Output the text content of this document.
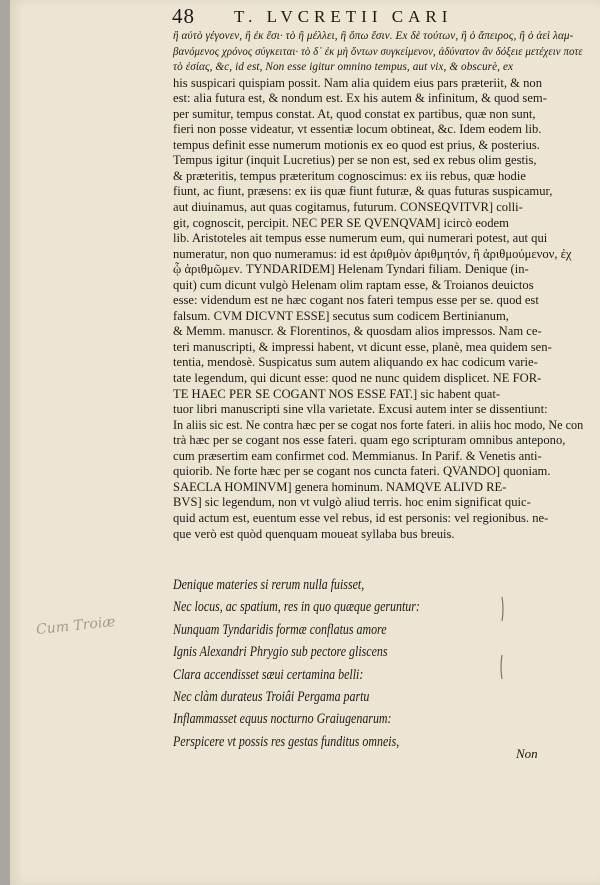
48 T. LVCRETII CARI
ἢ αὐτὸ γέγονεν, ἢ ἐκ ἔσι· τὸ ἢ μέλλει, ἢ ὄπω ἔσιν. Ex δὲ τούτων, ἢ ὁ ἄπειρος, ἢ ὁ ἀεὶ λαμ-
βανόμενος χρόνος σύγκειται· τὸ δ᾽ ἐκ μὴ ὄντων συγκείμενον, ἀδύνατον ἂν δόξειε μετέχειν ποτε
τὸ ἐσίας, &c, id est, Non esse igitur omnino tempus, aut vix, & obscurè, ex
his suspicari quispiam possit. Nam alia quidem eius pars præteriit, & non
est: alia futura est, & nondum est. Ex his autem & infinitum, & quod sem-
per sumitur, tempus constat. At, quod constat ex partibus, quæ non sunt,
fieri non posse videatur, vt essentiæ locum obtineat, &c. Idem eodem lib.
tempus definit esse numerum motionis ex eo quod est prius, & posterius.
Tempus igitur (inquit Lucretius) per se non est, sed ex rebus olim gestis,
& præteritis, tempus præteritum cognoscimus: ex iis rebus, quæ hodie
fiunt, ac fiunt, præsens: ex iis quæ fiunt futuræ, & quas futuras suspicamur,
aut diuinamus, aut quas cogitamus, futurum. CONSEQVITVR] colli-
git, cognoscit, percipit. NEC PER SE QVENQVAM] icircò eodem
lib. Aristoteles ait tempus esse numerum eum, qui numerari potest, aut qui
numeratur, non quo numeramus: id est ἀριθμὸν ἀριθμητόν, ἢ ἀριθμούμενον, ἐχ
ᾧ ἀριθμῶμεν. TYNDARIDEM] Helenam Tyndari filiam. Denique (in-
quit) cum dicunt vulgò Helenam olim raptam esse, & Troianos deuictos
esse: videndum est ne hæc cogant nos fateri tempus esse per se. quod est
falsum. CVM DICVNT ESSE] secutus sum codicem Bertinianum,
& Memm. manuscr. & Florentinos, & quosdam alios impressos. Nam ce-
teri manuscripti, & impressi habent, vt dicunt esse, planè, mea quidem sen-
tentia, mendosè. Suspicatus sum autem aliquando ex hac codicum varie-
tate legendum, qui dicunt esse: quod ne nunc quidem displicet. NE FOR-
TE HAEC PER SE COGANT NOS ESSE FAT.] sic habent quat-
tuor libri manuscripti sine vlla varietate. Excusi autem inter se dissentiunt:
In aliis sic est. Ne contra hæc per se cogat nos forte fateri. in aliis hoc modo, Ne con
trà hæc per se cogant nos esse fateri. quam ego scripturam omnibus antepono,
cum præsertim eam confirmet cod. Memmianus. In Parif. & Venetis anti-
quiorib. Ne forte hæc per se cogant nos cuncta fateri. QVANDO] quoniam.
SAECLA HOMINVM] genera hominum. NAMQVE ALIVD RE-
BVS] sic legendum, non vt vulgò aliud terris. hoc enim significat quic-
quid actum est, euentum esse vel rebus, id est personis: vel regionibus. ne-
que verò est quòd quenquam moueat syllaba bus breuis.
Cum Troiæ
Denique materies si rerum nulla fuisset,
Nec locus, ac spatium, res in quo quæque geruntur:
Nunquam Tyndaridis formæ conflatus amore
Ignis Alexandri Phrygio sub pectore gliscens
Clara accendisset sæui certamina belli:
Nec clàm durateus Troiâi Pergama partu
Inflammasset equus nocturno Graiugenarum:
Perspicere vt possis res gestas funditus omneis,
Non
